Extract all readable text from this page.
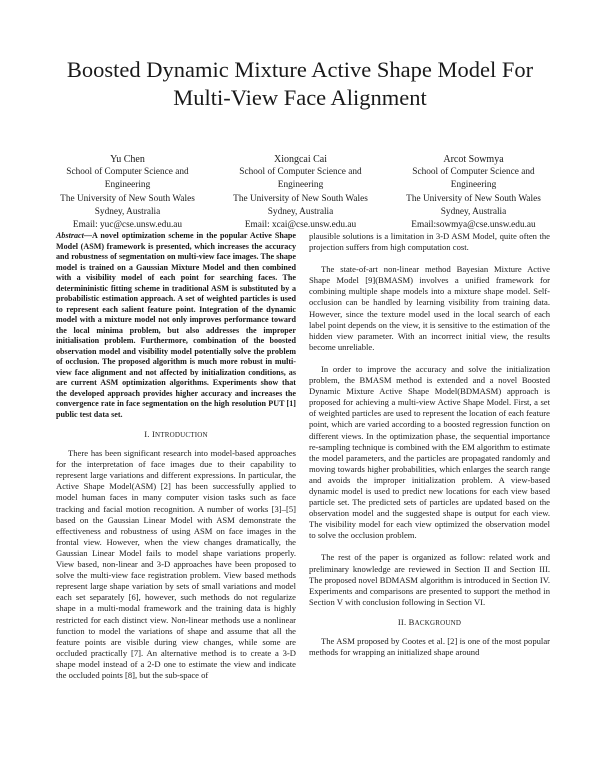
Boosted Dynamic Mixture Active Shape Model For
Multi-View Face Alignment
Yu Chen
School of Computer Science and
Engineering
The University of New South Wales
Sydney, Australia
Email: yuc@cse.unsw.edu.au
Xiongcai Cai
School of Computer Science and
Engineering
The University of New South Wales
Sydney, Australia
Email: xcai@cse.unsw.edu.au
Arcot Sowmya
School of Computer Science and
Engineering
The University of New South Wales
Sydney, Australia
Email:sowmya@cse.unsw.edu.au

Abstract—A novel optimization scheme in the popular Active Shape Model (ASM) framework is presented, which increases the accuracy and robustness of segmentation on multi-view face images. The shape model is trained on a Gaussian Mixture Model and then combined with a visibility model of each point for searching faces. The determininistic fitting scheme in traditional ASM is substituted by a probabilistic estimation approach. A set of weighted particles is used to represent each salient feature point. Integration of the dynamic model with a mixture model not only improves performance toward the local minima problem, but also addresses the improper initialisation problem. Furthermore, combination of the boosted observation model and visibility model potentially solve the problem of occlusion. The proposed algorithm is much more robust in multi-view face alignment and not affected by initialization conditions, as are current ASM optimization algorithms. Experiments show that the developed approach provides higher accuracy and increases the convergence rate in face segmentation on the high resolution PUT [1] public test data set.

I. INTRODUCTION

There has been significant research into model-based approaches for the interpretation of face images due to their capability to represent large variations and different expressions. In particular, the Active Shape Model(ASM) [2] has been successfully applied to model human faces in many computer vision tasks such as face tracking and facial motion recognition. A number of works [3]–[5] based on the Gaussian Linear Model with ASM demonstrate the effectiveness and robustness of using ASM on face images in the frontal view. However, when the view changes dramatically, the Gaussian Linear Model fails to model shape variations properly. View based, non-linear and 3-D approaches have been proposed to solve the multi-view face registration problem. View based methods represent large shape variation by sets of small variations and model each set separately [6], however, such methods do not regularize shape in a multi-modal framework and the training data is highly restricted for each distinct view. Non-linear methods use a nonlinear function to model the variations of shape and assume that all the feature points are visible during view changes, while some are occluded practically [7]. An alternative method is to create a 3-D shape model instead of a 2-D one to estimate the view and indicate the occluded points [8], but the sub-space of

plausible solutions is a limitation in 3-D ASM Model, quite often the projection suffers from high computation cost.

The state-of-art non-linear method Bayesian Mixture Active Shape Model [9](BMASM) involves a unified framework for combining multiple shape models into a mixture shape model. Self-occlusion can be handled by learning visibility from training data. However, since the texture model used in the local search of each label point depends on the view, it is sensitive to the estimation of the hidden view parameter. With an incorrect initial view, the results become unreliable.

In order to improve the accuracy and solve the initialization problem, the BMASM method is extended and a novel Boosted Dynamic Mixture Active Shape Model(BDMASM) approach is proposed for achieving a multi-view Active Shape Model. First, a set of weighted particles are used to represent the location of each feature point, which are varied according to a boosted regression function on different views. In the optimization phase, the sequential importance re-sampling technique is combined with the EM algorithm to estimate the model parameters, and the particles are propagated randomly and moving towards higher probabilities, which enlarges the search range and avoids the improper initialization problem. A view-based dynamic model is used to predict new locations for each view based particle set. The predicted sets of particles are updated based on the observation model and the suggested shape is output for each view. The visibility model for each view optimized the observation model to solve the occlusion problem.

The rest of the paper is organized as follow: related work and preliminary knowledge are reviewed in Section II and Section III. The proposed novel BDMASM algorithm is introduced in Section IV. Experiments and comparisons are presented to support the method in Section V with conclusion following in Section VI.

II. BACKGROUND

The ASM proposed by Cootes et al. [2] is one of the most popular methods for wrapping an initialized shape around
